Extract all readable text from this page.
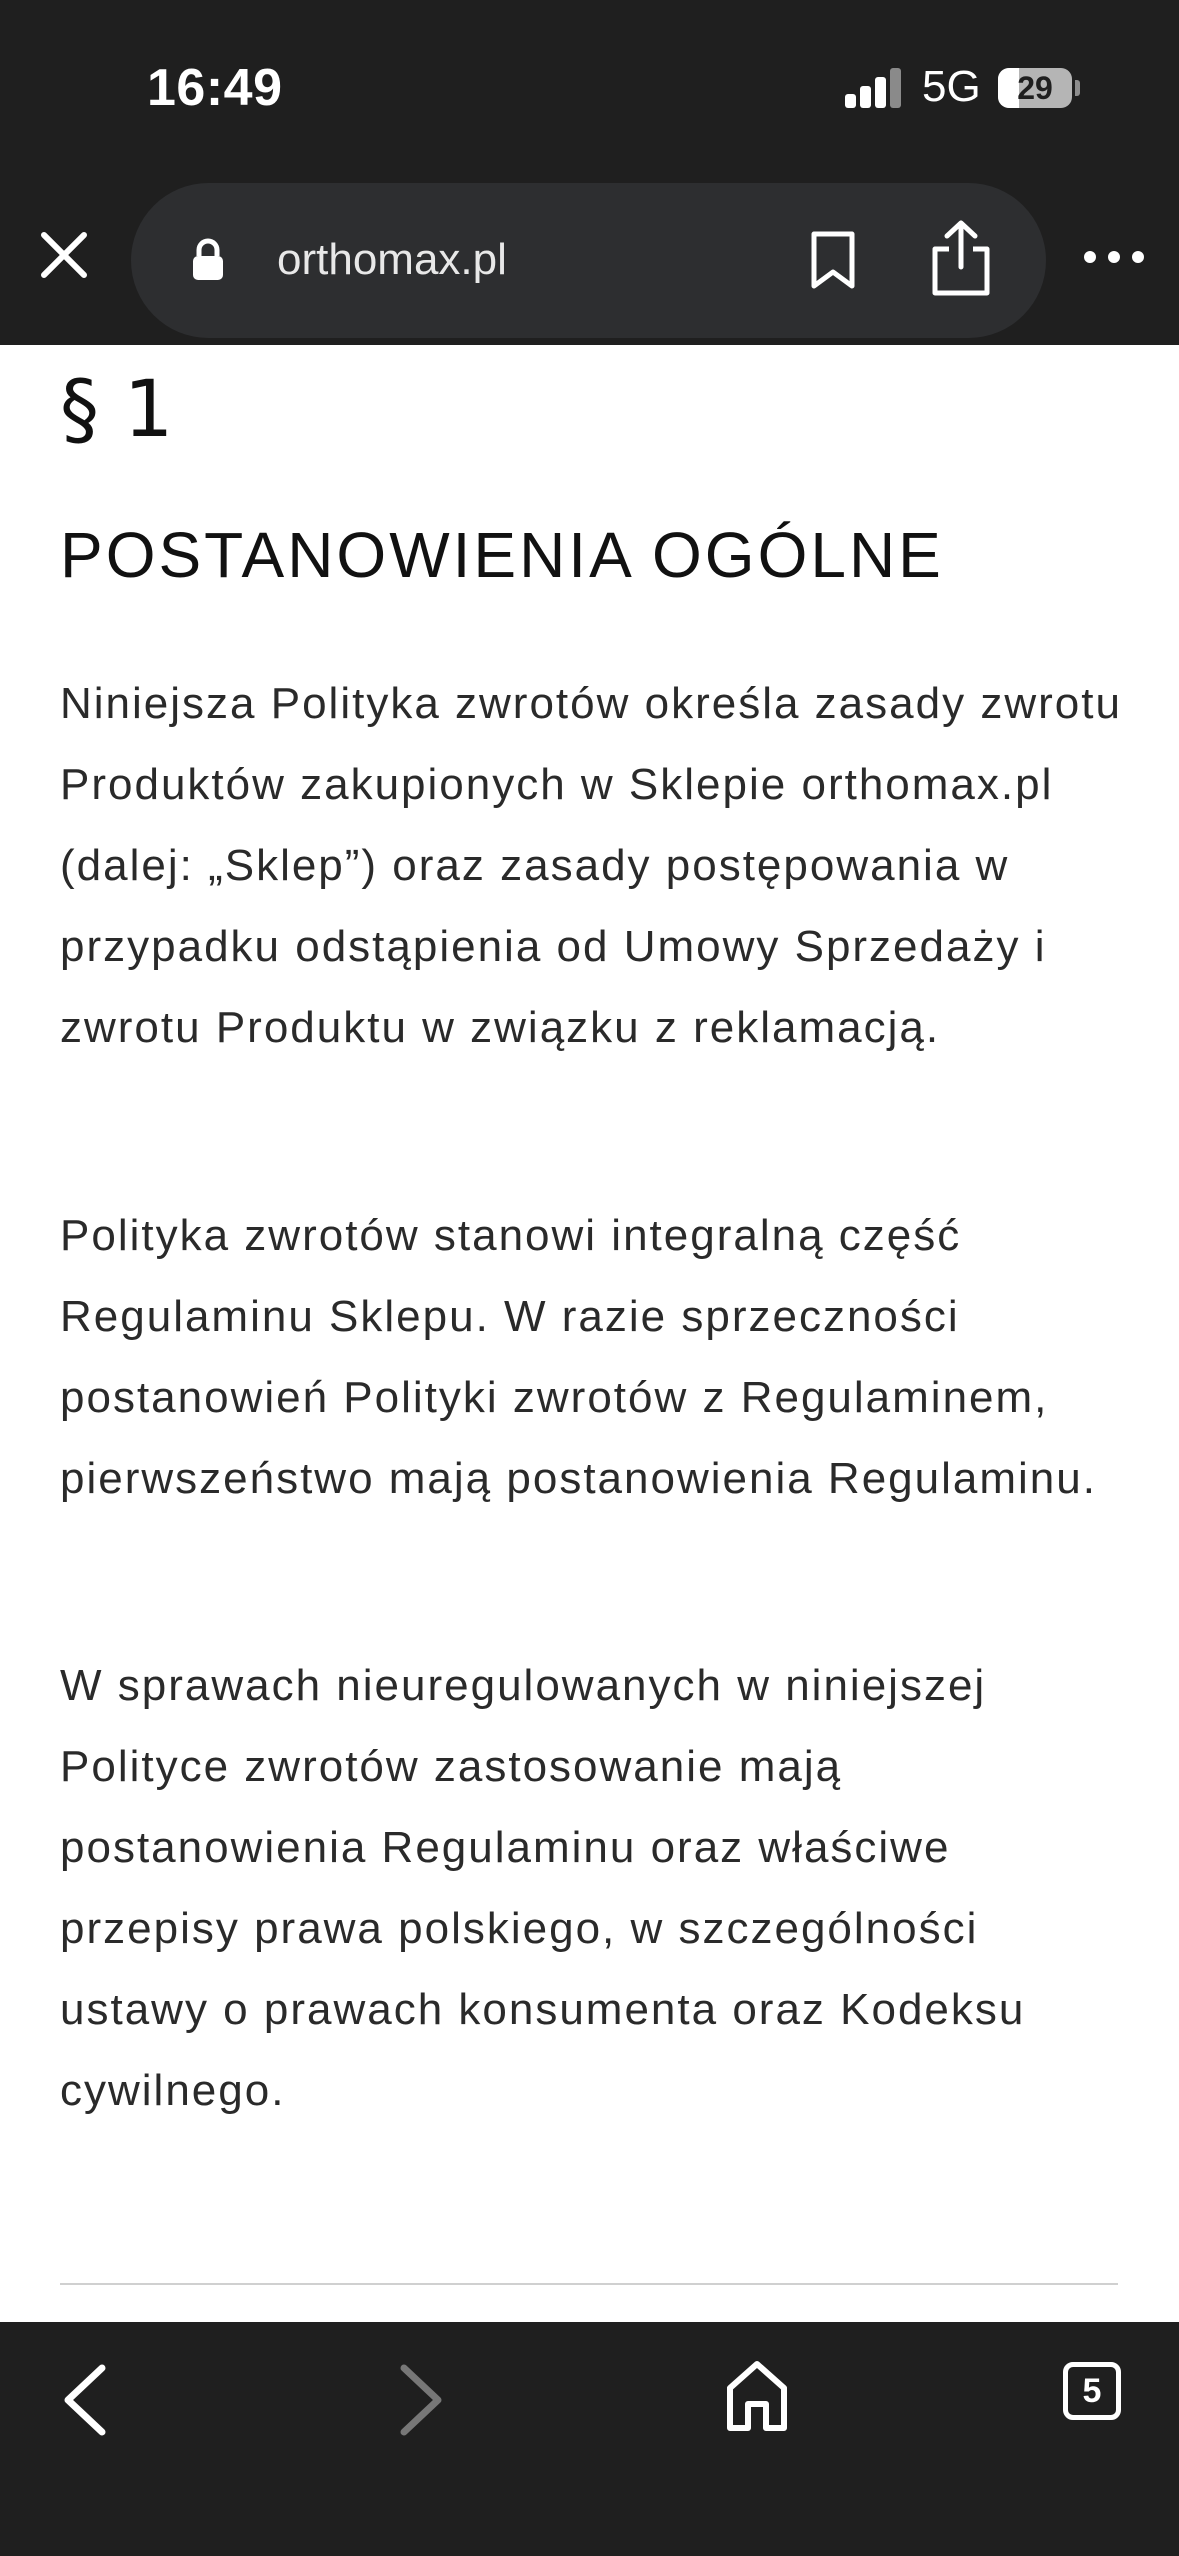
16:49	5G	29
orthomax.pl
§ 1
POSTANOWIENIA OGÓLNE
Niniejsza Polityka zwrotów określa zasady zwrotu Produktów zakupionych w Sklepie orthomax.pl (dalej: „Sklep”) oraz zasady postępowania w przypadku odstąpienia od Umowy Sprzedaży i zwrotu Produktu w związku z reklamacją.
Polityka zwrotów stanowi integralną część Regulaminu Sklepu. W razie sprzeczności postanowień Polityki zwrotów z Regulaminem, pierwszeństwo mają postanowienia Regulaminu.
W sprawach nieuregulowanych w niniejszej Polityce zwrotów zastosowanie mają postanowienia Regulaminu oraz właściwe przepisy prawa polskiego, w szczególności ustawy o prawach konsumenta oraz Kodeksu cywilnego.
5
